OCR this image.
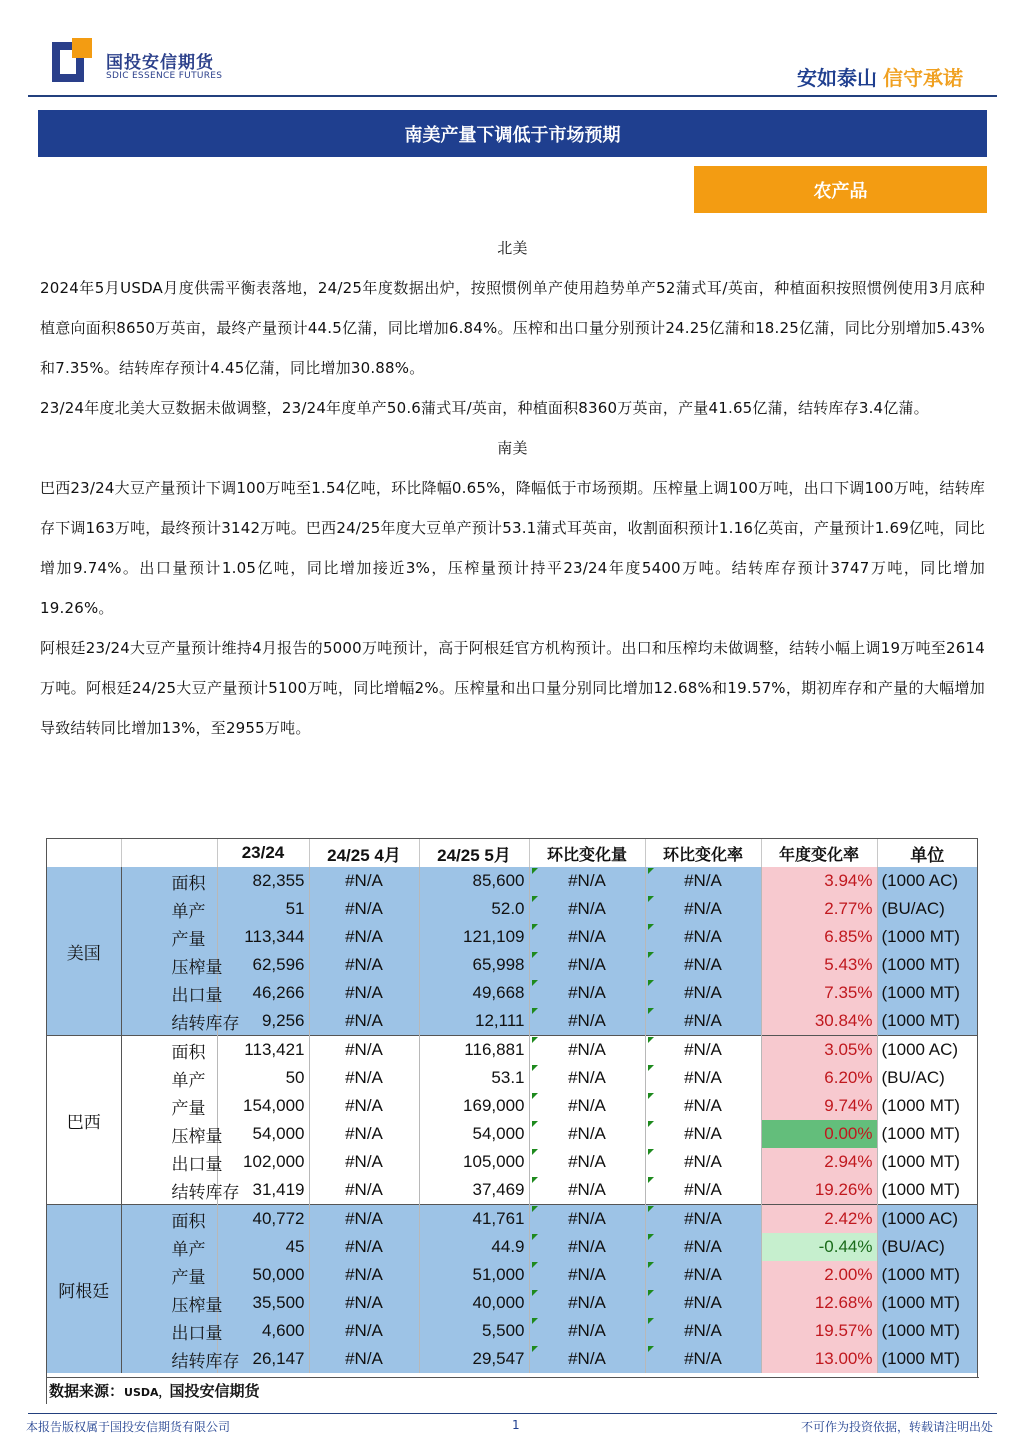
国投安信期货
SDIC ESSENCE FUTURES	安如泰山 信守承诺
南美产量下调低于市场预期
农产品

北美

2024年5月USDA月度供需平衡表落地，24/25年度数据出炉，按照惯例单产使用趋势单产52蒲式耳/英亩，种植面积按照惯例使用3月底种植意向面积8650万英亩，最终产量预计44.5亿蒲，同比增加6.84%。压榨和出口量分别预计24.25亿蒲和18.25亿蒲，同比分别增加5.43%和7.35%。结转库存预计4.45亿蒲，同比增加30.88%。

23/24年度北美大豆数据未做调整，23/24年度单产50.6蒲式耳/英亩，种植面积8360万英亩，产量41.65亿蒲，结转库存3.4亿蒲。

南美

巴西23/24大豆产量预计下调100万吨至1.54亿吨，环比降幅0.65%，降幅低于市场预期。压榨量上调100万吨，出口下调100万吨，结转库存下调163万吨，最终预计3142万吨。巴西24/25年度大豆单产预计53.1蒲式耳英亩，收割面积预计1.16亿英亩，产量预计1.69亿吨，同比增加9.74%。出口量预计1.05亿吨，同比增加接近3%，压榨量预计持平23/24年度5400万吨。结转库存预计3747万吨，同比增加19.26%。

阿根廷23/24大豆产量预计维持4月报告的5000万吨预计，高于阿根廷官方机构预计。出口和压榨均未做调整，结转小幅上调19万吨至2614万吨。阿根廷24/25大豆产量预计5100万吨，同比增幅2%。压榨量和出口量分别同比增加12.68%和19.57%，期初库存和产量的大幅增加导致结转同比增加13%，至2955万吨。

		23/24	24/25 4月	24/25 5月	环比变化量	环比变化率	年度变化率	单位
美国	面积	82,355	#N/A	85,600	#N/A	#N/A	3.94%	(1000 AC)
	单产	51	#N/A	52.0	#N/A	#N/A	2.77%	(BU/AC)
	产量	113,344	#N/A	121,109	#N/A	#N/A	6.85%	(1000 MT)
	压榨量	62,596	#N/A	65,998	#N/A	#N/A	5.43%	(1000 MT)
	出口量	46,266	#N/A	49,668	#N/A	#N/A	7.35%	(1000 MT)
	结转库存	9,256	#N/A	12,111	#N/A	#N/A	30.84%	(1000 MT)
巴西	面积	113,421	#N/A	116,881	#N/A	#N/A	3.05%	(1000 AC)
	单产	50	#N/A	53.1	#N/A	#N/A	6.20%	(BU/AC)
	产量	154,000	#N/A	169,000	#N/A	#N/A	9.74%	(1000 MT)
	压榨量	54,000	#N/A	54,000	#N/A	#N/A	0.00%	(1000 MT)
	出口量	102,000	#N/A	105,000	#N/A	#N/A	2.94%	(1000 MT)
	结转库存	31,419	#N/A	37,469	#N/A	#N/A	19.26%	(1000 MT)
阿根廷	面积	40,772	#N/A	41,761	#N/A	#N/A	2.42%	(1000 AC)
	单产	45	#N/A	44.9	#N/A	#N/A	-0.44%	(BU/AC)
	产量	50,000	#N/A	51,000	#N/A	#N/A	2.00%	(1000 MT)
	压榨量	35,500	#N/A	40,000	#N/A	#N/A	12.68%	(1000 MT)
	出口量	4,600	#N/A	5,500	#N/A	#N/A	19.57%	(1000 MT)
	结转库存	26,147	#N/A	29,547	#N/A	#N/A	13.00%	(1000 MT)
数据来源：USDA，国投安信期货
本报告版权属于国投安信期货有限公司	1	不可作为投资依据，转载请注明出处
